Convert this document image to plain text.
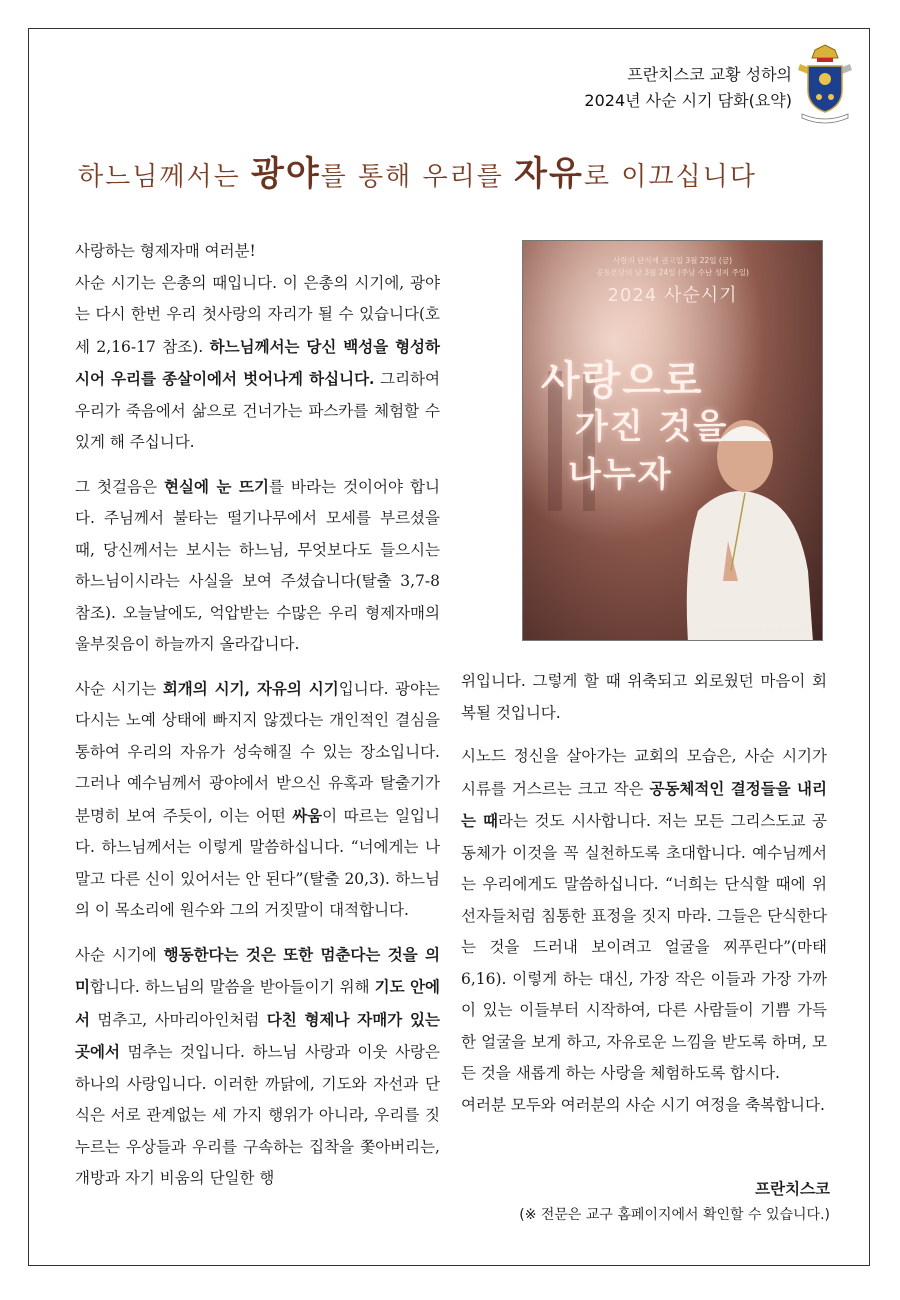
프란치스코 교황 성하의
2024년 사순 시기 담화(요약)
하느님께서는 광야를 통해 우리를 자유로 이끄십니다
사랑의 단식재 권고일 3월 22일 (금)
공동본당의 날 3월 24일 (주님 수난 성지 주일)
2024 사순시기
사랑으로
가진 것을
나누자
한국천주교주교회의 사회복지위원회

사랑하는 형제자매 여러분!

사순 시기는 은총의 때입니다. 이 은총의 시기에, 광야는 다시 한번 우리 첫사랑의 자리가 될 수 있습니다(호세 2,16-17 참조). 하느님께서는 당신 백성을 형성하시어 우리를 종살이에서 벗어나게 하십니다. 그리하여 우리가 죽음에서 삶으로 건너가는 파스카를 체험할 수 있게 해 주십니다.

그 첫걸음은 현실에 눈 뜨기를 바라는 것이어야 합니다. 주님께서 불타는 떨기나무에서 모세를 부르셨을 때, 당신께서는 보시는 하느님, 무엇보다도 들으시는 하느님이시라는 사실을 보여 주셨습니다(탈출 3,7-8 참조). 오늘날에도, 억압받는 수많은 우리 형제자매의 울부짖음이 하늘까지 올라갑니다.

사순 시기는 회개의 시기, 자유의 시기입니다. 광야는 다시는 노예 상태에 빠지지 않겠다는 개인적인 결심을 통하여 우리의 자유가 성숙해질 수 있는 장소입니다. 그러나 예수님께서 광야에서 받으신 유혹과 탈출기가 분명히 보여 주듯이, 이는 어떤 싸움이 따르는 일입니다. 하느님께서는 이렇게 말씀하십니다. “너에게는 나 말고 다른 신이 있어서는 안 된다”(탈출 20,3). 하느님의 이 목소리에 원수와 그의 거짓말이 대적합니다.

사순 시기에 행동한다는 것은 또한 멈춘다는 것을 의미합니다. 하느님의 말씀을 받아들이기 위해 기도 안에서 멈추고, 사마리아인처럼 다친 형제나 자매가 있는 곳에서 멈추는 것입니다. 하느님 사랑과 이웃 사랑은 하나의 사랑입니다. 이러한 까닭에, 기도와 자선과 단식은 서로 관계없는 세 가지 행위가 아니라, 우리를 짓누르는 우상들과 우리를 구속하는 집착을 쫓아버리는, 개방과 자기 비움의 단일한 행

위입니다. 그렇게 할 때 위축되고 외로웠던 마음이 회복될 것입니다.

시노드 정신을 살아가는 교회의 모습은, 사순 시기가 시류를 거스르는 크고 작은 공동체적인 결정들을 내리는 때라는 것도 시사합니다. 저는 모든 그리스도교 공동체가 이것을 꼭 실천하도록 초대합니다. 예수님께서는 우리에게도 말씀하십니다. “너희는 단식할 때에 위선자들처럼 침통한 표정을 짓지 마라. 그들은 단식한다는 것을 드러내 보이려고 얼굴을 찌푸린다”(마태 6,16). 이렇게 하는 대신, 가장 작은 이들과 가장 가까이 있는 이들부터 시작하여, 다른 사람들이 기쁨 가득한 얼굴을 보게 하고, 자유로운 느낌을 받도록 하며, 모든 것을 새롭게 하는 사랑을 체험하도록 합시다.

여러분 모두와 여러분의 사순 시기 여정을 축복합니다.

프란치스코
(※ 전문은 교구 홈페이지에서 확인할 수 있습니다.)
